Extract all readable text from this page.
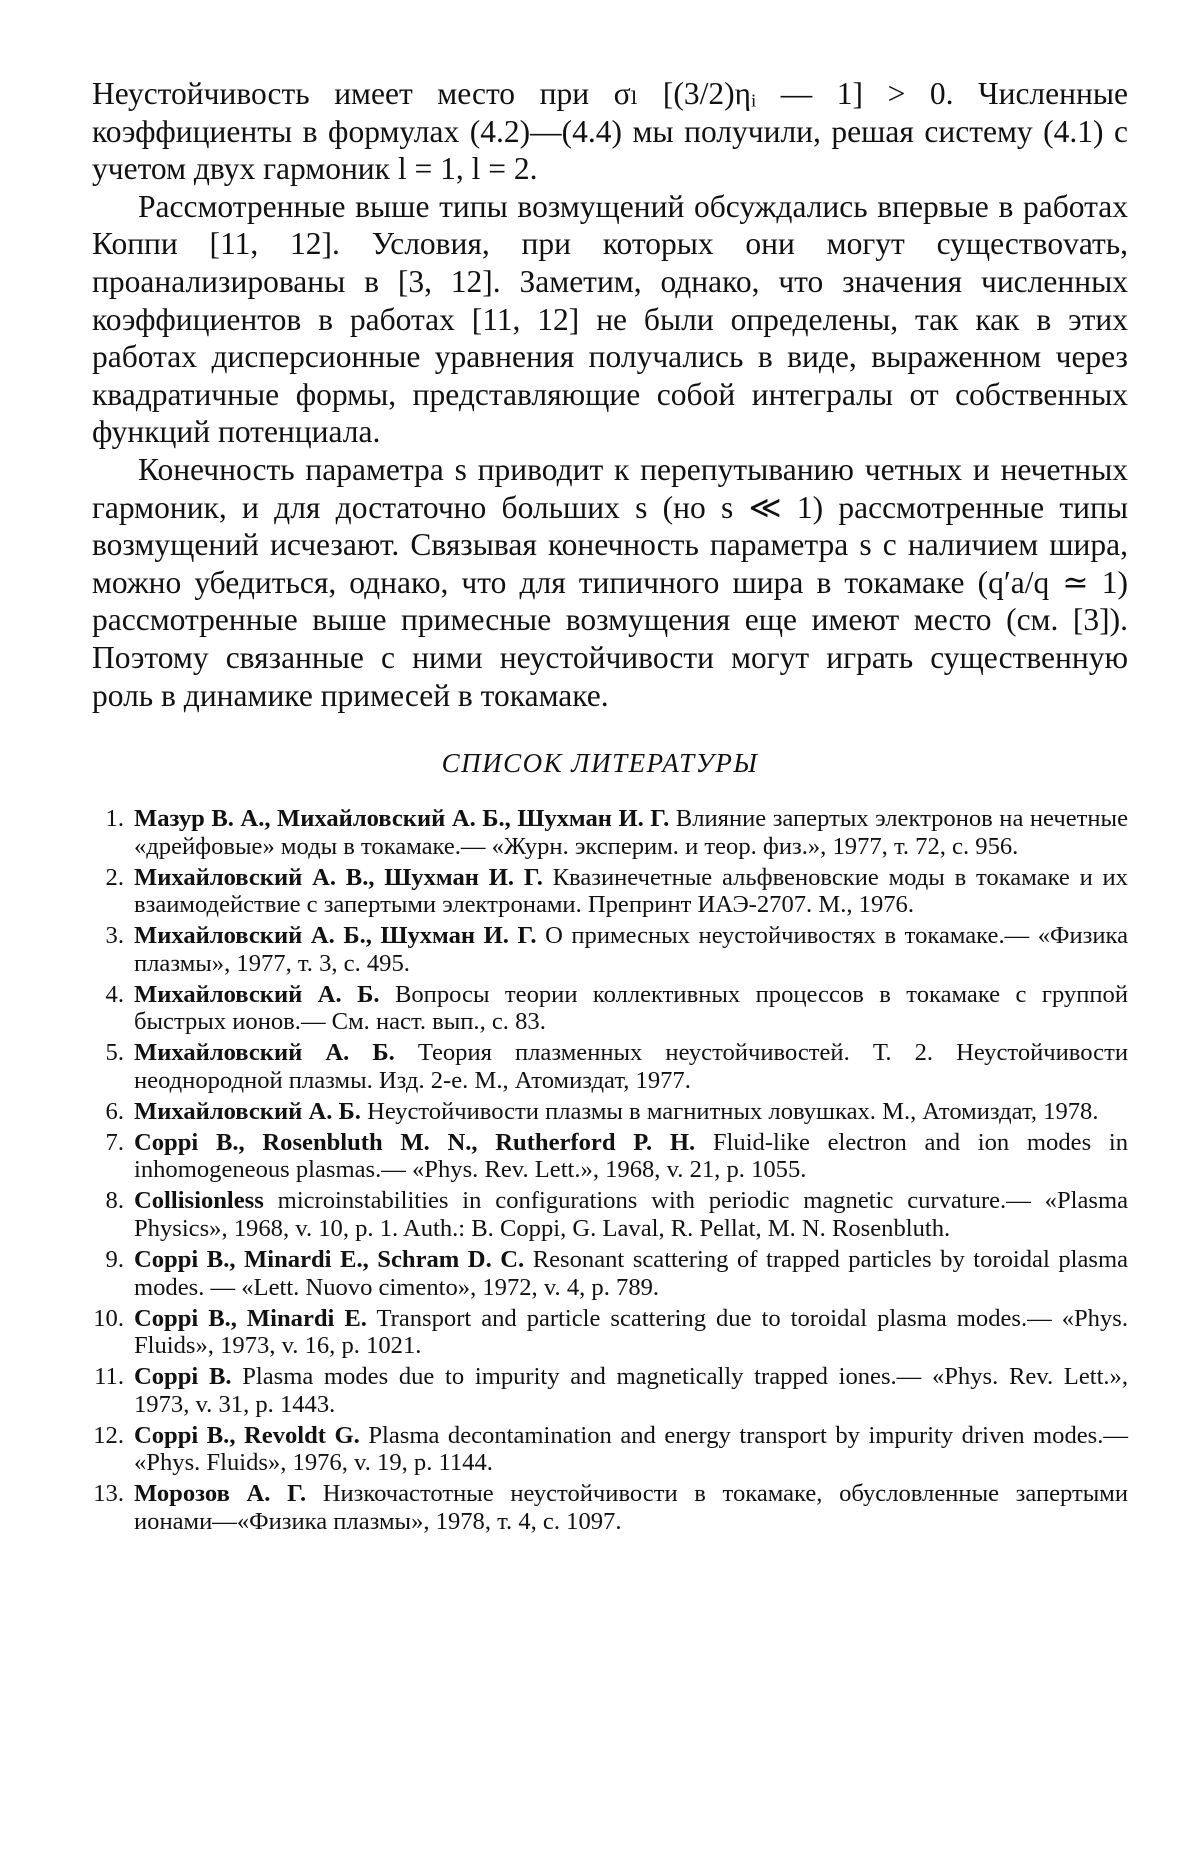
Неустойчивость имеет место при σₗ [(3/2)ηᵢ — 1] > 0. Численные коэффициенты в формулах (4.2)—(4.4) мы получили, решая систему (4.1) с учетом двух гармоник l = 1, l = 2.

Рассмотренные выше типы возмущений обсуждались впервые в работах Коппи [11, 12]. Условия, при которых они могут существоvать, проанализированы в [3, 12]. Заметим, однако, что значения численных коэффициентов в работах [11, 12] не были определены, так как в этих работах дисперсионные уравнения получались в виде, выраженном через квадратичные формы, представляющие собой интегралы от собственных функций потенциала.

Конечность параметра s приводит к перепутыванию четных и нечетных гармоник, и для достаточно больших s (но s ≪ 1) рассмотренные типы возмущений исчезают. Связывая конечность параметра s с наличием шира, можно убедиться, однако, что для типичного шира в токамаке (q′a/q ≃ 1) рассмотренные выше примесные возмущения еще имеют место (см. [3]). Поэтому связанные с ними неустойчивости могут играть существенную роль в динамике примесей в токамаке.

СПИСОК ЛИТЕРАТУРЫ
1. Мазур В. А., Михайловский А. Б., Шухман И. Г. Влияние запертых электронов на нечетные «дрейфовые» моды в токамаке.— «Журн. эксперим. и теор. физ.», 1977, т. 72, с. 956.
2. Михайловский А. В., Шухман И. Г. Квазинечетные альфвеновские моды в токамаке и их взаимодействие с запертыми электронами. Препринт ИАЭ-2707. М., 1976.
3. Михайловский А. Б., Шухман И. Г. О примесных неустойчивостях в токамаке.— «Физика плазмы», 1977, т. 3, с. 495.
4. Михайловский А. Б. Вопросы теории коллективных процессов в токамаке с группой быстрых ионов.— См. наст. вып., с. 83.
5. Михайловский А. Б. Теория плазменных неустойчивостей. Т. 2. Неустойчивости неоднородной плазмы. Изд. 2-е. М., Атомиздат, 1977.
6. Михайловский А. Б. Неустойчивости плазмы в магнитных ловушках. М., Атомиздат, 1978.
7. Coppi B., Rosenbluth M. N., Rutherford P. H. Fluid-like electron and ion modes in inhomogeneous plasmas.— «Phys. Rev. Lett.», 1968, v. 21, p. 1055.
8. Collisionless microinstabilities in configurations with periodic magnetic curvature.— «Plasma Physics», 1968, v. 10, p. 1. Auth.: B. Coppi, G. Laval, R. Pellat, M. N. Rosenbluth.
9. Coppi B., Minardi E., Schram D. C. Resonant scattering of trapped particles by toroidal plasma modes. — «Lett. Nuovo cimento», 1972, v. 4, p. 789.
10. Coppi B., Minardi E. Transport and particle scattering due to toroidal plasma modes.— «Phys. Fluids», 1973, v. 16, p. 1021.
11. Coppi B. Plasma modes due to impurity and magnetically trapped iones.— «Phys. Rev. Lett.», 1973, v. 31, p. 1443.
12. Coppi B., Revoldt G. Plasma decontamination and energy transport by impurity driven modes.— «Phys. Fluids», 1976, v. 19, p. 1144.
13. Морозов А. Г. Низкочастотные неустойчивости в токамаке, обусловленные запертыми ионами—«Физика плазмы», 1978, т. 4, с. 1097.
